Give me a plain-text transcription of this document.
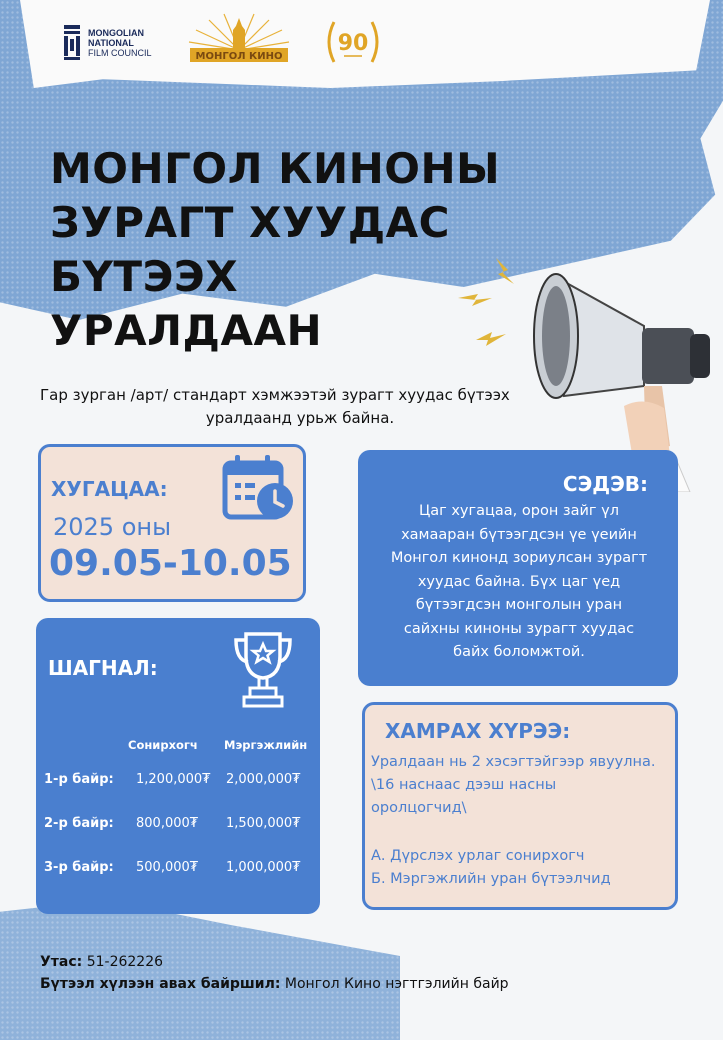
MONGOLIAN
NATIONAL
FILM COUNCIL	МОНГОЛ КИНО
90
МОНГОЛ КИНОНЫ
ЗУРАГТ ХУУДАС БҮТЭЭХ
УРАЛДААН
Гар зурган /арт/ стандарт хэмжээтэй зурагт хуудас бүтээх
уралдаанд урьж байна.
ХУГАЦАА:
2025 оны
09.05-10.05
СЭДЭВ:
Цаг хугацаа, орон зайг үл хамааран бүтээгдсэн үе үеийн Монгол кинонд зориулсан зурагт хуудас байна. Бүх цаг үед бүтээгдсэн монголын уран сайхны киноны зурагт хуудас байх боломжтой.
ШАГНАЛ:
Сонирхогч Мэргэжлийн
1-р байр: 1,200,000₮ 2,000,000₮
2-р байр: 800,000₮ 1,500,000₮
3-р байр: 500,000₮ 1,000,000₮
ХАМРАХ ХҮРЭЭ:
Уралдаан нь 2 хэсэгтэйгээр явуулна.
\16 наснаас дээш насны
оролцогчид\
А. Дүрслэх урлаг сонирхогч
Б. Мэргэжлийн уран бүтээлчид
Утас: 51-262226
Бүтээл хүлээн авах байршил: Монгол Кино нэгтгэлийн байр
